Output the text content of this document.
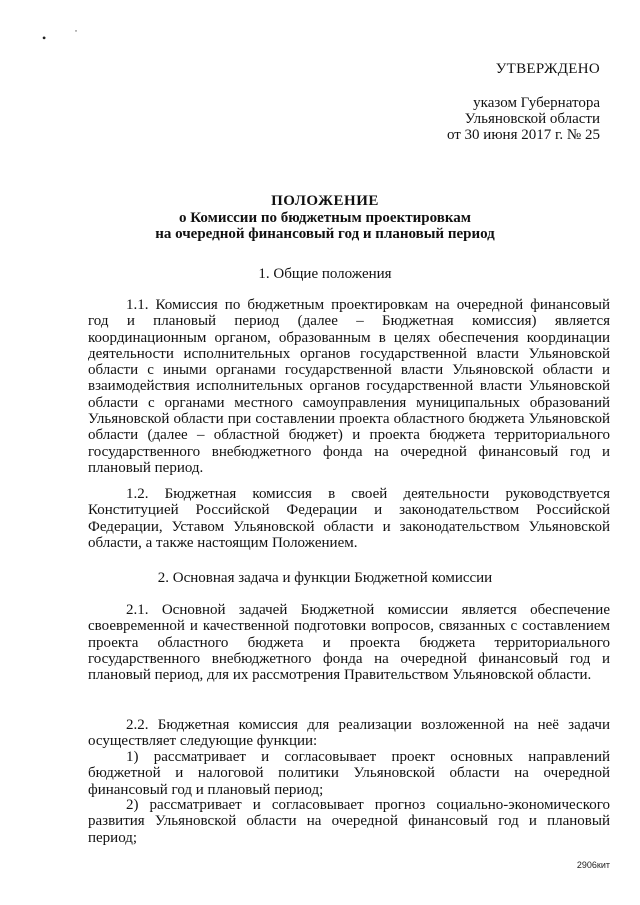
• ˙
УТВЕРЖДЕНО
указом Губернатора
Ульяновской области
от 30 июня 2017 г. № 25
ПОЛОЖЕНИЕ
о Комиссии по бюджетным проектировкам
на очередной финансовый год и плановый период
1. Общие положения
1.1. Комиссия по бюджетным проектировкам на очередной финансовый год и плановый период (далее – Бюджетная комиссия) является координационным органом, образованным в целях обеспечения координации деятельности исполнительных органов государственной власти Ульяновской области с иными органами государственной власти Ульяновской области и взаимодействия исполнительных органов государственной власти Ульяновской области с органами местного самоуправления муниципальных образований Ульяновской области при составлении проекта областного бюджета Ульяновской области (далее – областной бюджет) и проекта бюджета территориального государственного внебюджетного фонда на очередной финансовый год и плановый период.
1.2. Бюджетная комиссия в своей деятельности руководствуется Конституцией Российской Федерации и законодательством Российской Федерации, Уставом Ульяновской области и законодательством Ульяновской области, а также настоящим Положением.
2. Основная задача и функции Бюджетной комиссии
2.1. Основной задачей Бюджетной комиссии является обеспечение своевременной и качественной подготовки вопросов, связанных с составлением проекта областного бюджета и проекта бюджета территориального государственного внебюджетного фонда на очередной финансовый год и плановый период, для их рассмотрения Правительством Ульяновской области.
2.2. Бюджетная комиссия для реализации возложенной на неё задачи осуществляет следующие функции:
1) рассматривает и согласовывает проект основных направлений бюджетной и налоговой политики Ульяновской области на очередной финансовый год и плановый период;
2) рассматривает и согласовывает прогноз социально-экономического развития Ульяновской области на очередной финансовый год и плановый период;
2906кит
